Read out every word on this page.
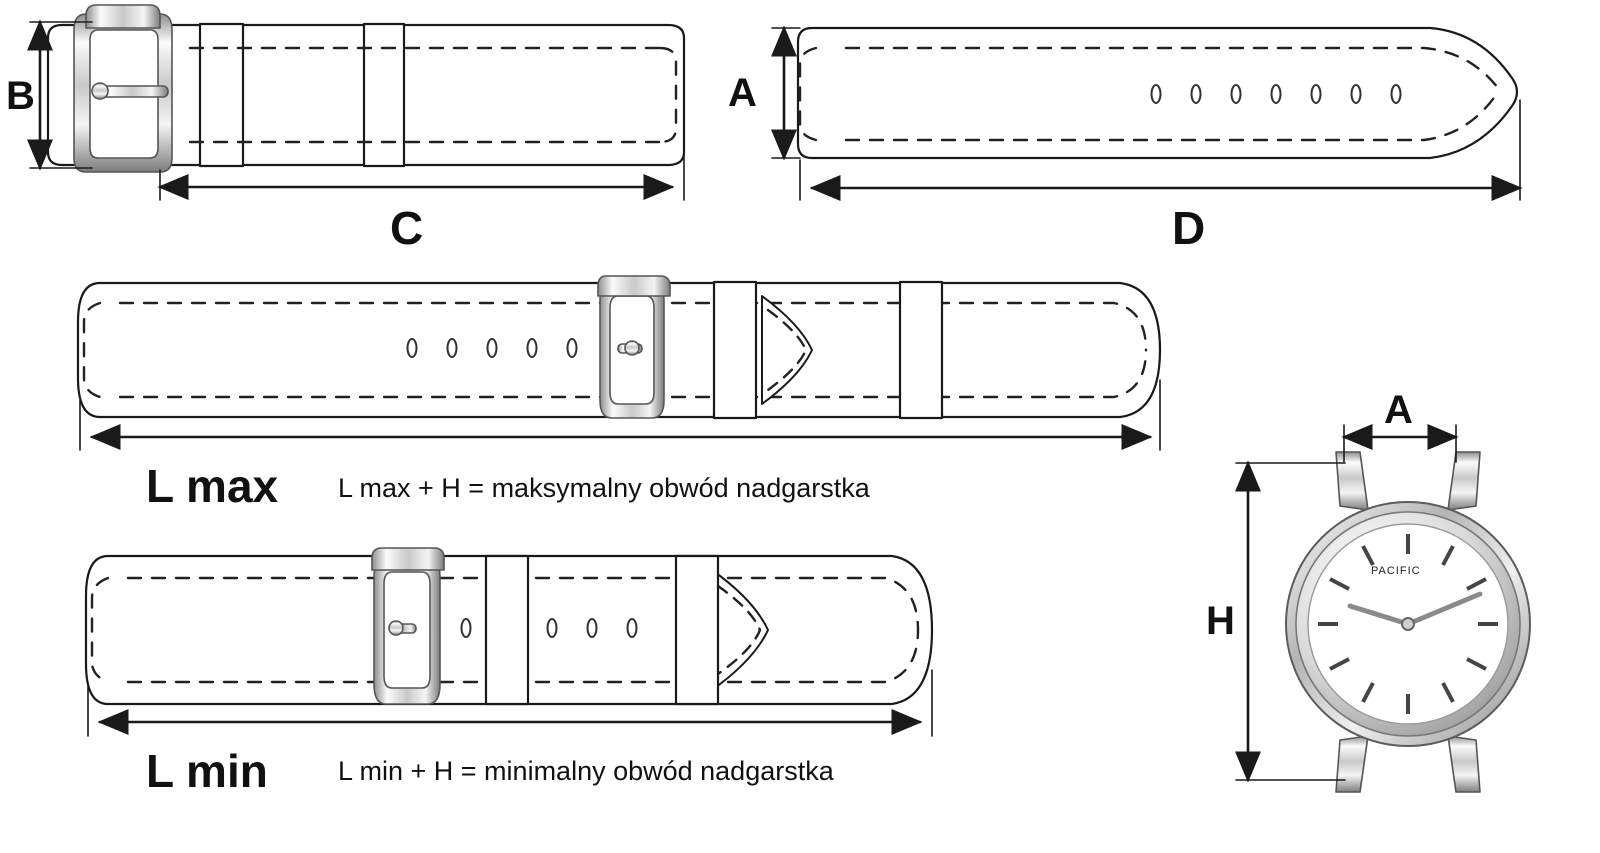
B
C
A
D
L max L max + H = maksymalny obwód nadgarstka
L min	L min + H = minimalny obwód nadgarstka
A
H
PACIFIC
